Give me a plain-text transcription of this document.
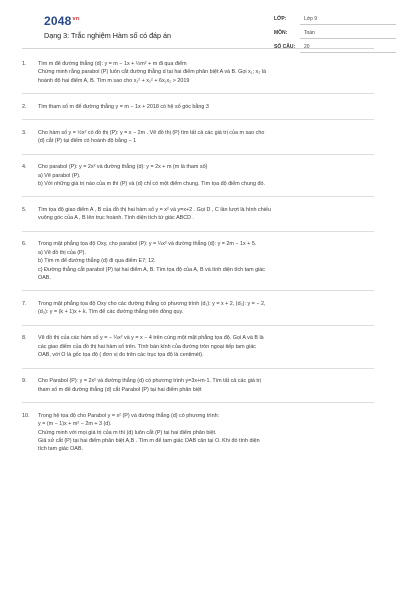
$2048^{vn}$
Dạng 3: Trắc nghiệm Hàm số có đáp án
LỚP:	Lớp 9
MÔN:	Toán
SỐ CÂU: 20
1. Tìm m để đường thẳng (d): y = m − 1x + ½m² + m đi qua điểm
Chứng minh rằng parabol (P) luôn cắt đường thẳng d tại hai điểm phân biệt A và B. Gọi x₁; x₂ là
hoành độ hai điểm A, B. Tìm m sao cho x₁² + x₂² + 6x₁x₂ > 2019
2. Tìm tham số m để đường thẳng y = m − 1x + 2018 có hệ số góc bằng 3
3. Cho hàm số y = ½x² có đồ thị (P): y = x − 2m . Vẽ đồ thị (P) tìm tất cả các giá trị của m sao cho
(d) cắt (P) tại điểm có hoành độ bằng − 1
4. Cho parabol (P): y = 2x² và đường thẳng (d): y = 2x + m (m là tham số)
a) Vẽ parabol (P).
b) Với những giá trị nào của m thì (P) và (d) chỉ có một điểm chung. Tìm tọa độ điểm chung đó.
5. Tìm tọa độ giao điểm A , B của đồ thị hai hàm số y = x² và y=x+2 . Gọi D , C lần lượt là hình chiếu
vuông góc của A , B lên trục hoành. Tính diện tích tứ giác ABCD .
6. Trong mặt phẳng tọa độ Oxy, cho parabol (P): y = ¼x² và đường thẳng (d): y = 2m − 1x + 5.
a) Vẽ đồ thị của (P).
b) Tìm m để đường thẳng (d) đi qua điểm E7; 12.
c) Đường thẳng cắt parabol (P) tại hai điểm A, B. Tìm tọa độ của A, B và tính diện tích tam giác
OAB.
7. Trong mặt phẳng tọa độ Oxy cho các đường thẳng có phương trình (d₁): y = x + 2, (d₂): y = − 2,
(d₃): y = (k + 1)x + k. Tìm để các đường thẳng trên đồng quy.
8. Vẽ đồ thị của các hàm số y = − ¼x² và y = x − 4 trên cùng một mặt phẳng tọa độ. Gọi A và B là
các giao điểm của đồ thị hai hàm số trên. Tính bán kính của đường tròn ngoại tiếp tam giác
OAB, với O là gốc tọa độ ( đơn vị đo trên các trục tọa độ là centimét).
9. Cho Parabol (P): y = 2x² và đường thẳng (d) có phương trình y=3x+m-1. Tìm tất cả các giá trị
tham số m để đường thẳng (d) cắt Parabol (P) tại hai điểm phân biệt
10. Trong hệ tọa độ cho Parabol y = x² (P) và đường thẳng (d) có phương trình:
y = (m − 1)x + m² − 2m + 3 (d).
Chứng minh với mọi giá trị của m thì (d) luôn cắt (P) tại hai điểm phân biệt.
Giả sử cắt (P) tại hai điểm phân biệt A,B . Tìm m để tam giác OAB cân tại O. Khi đó tính diện
tích tam giác OAB.
